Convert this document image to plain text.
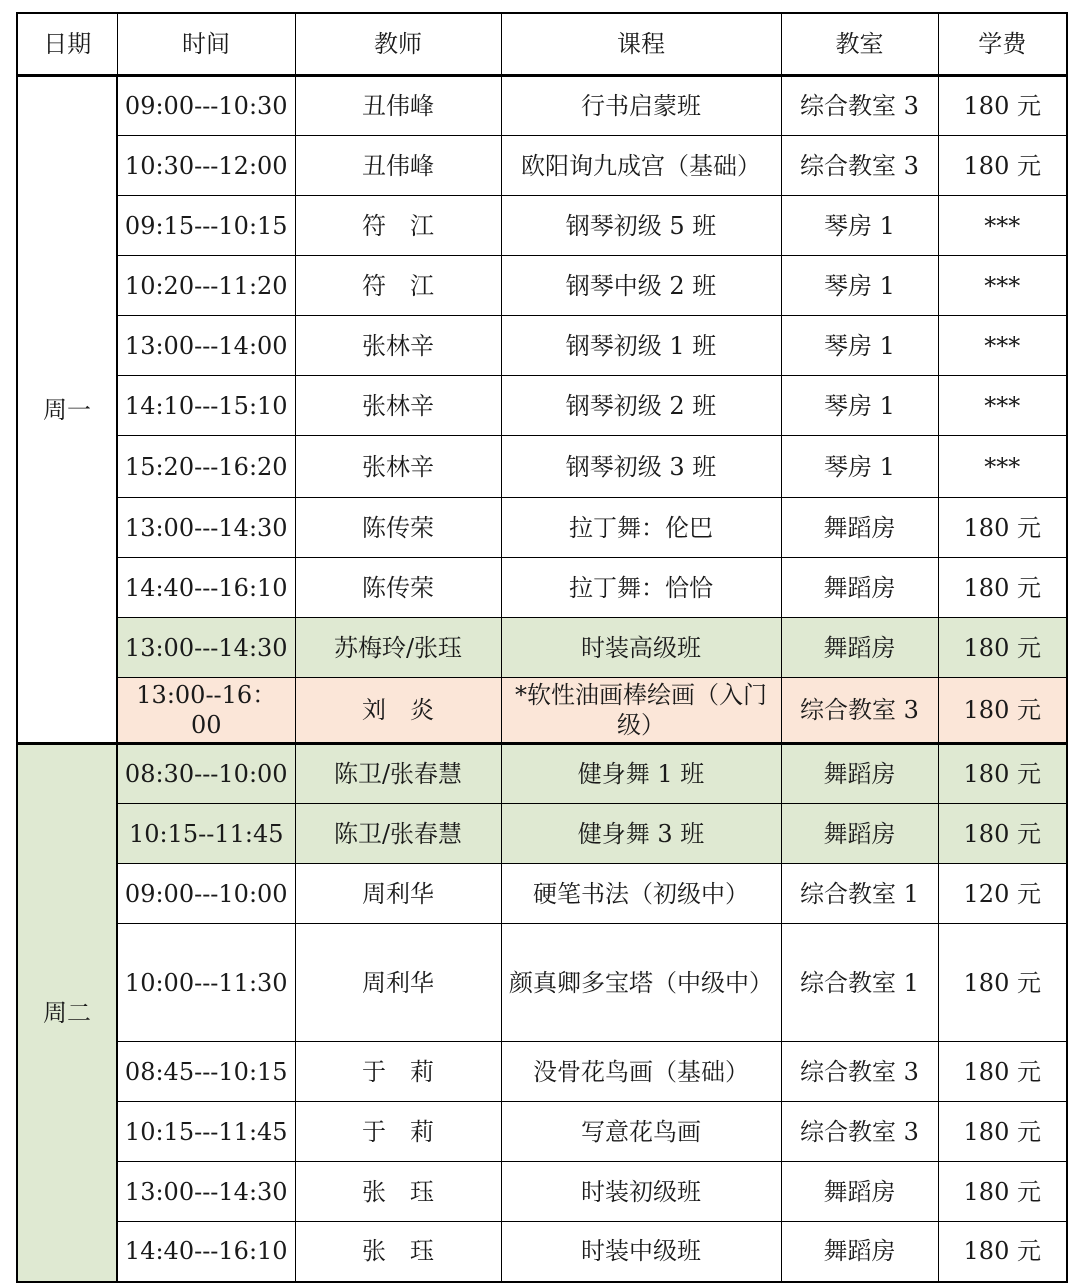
日期	时间	教师	课程	教室	学费
周一	09:00---10:30	丑伟峰	行书启蒙班	综合教室 3	180 元
	10:30---12:00	丑伟峰	欧阳询九成宫（基础）	综合教室 3	180 元
	09:15---10:15	符　江	钢琴初级 5 班	琴房 1	***
	10:20---11:20	符　江	钢琴中级 2 班	琴房 1	***
	13:00---14:00	张林辛	钢琴初级 1 班	琴房 1	***
	14:10---15:10	张林辛	钢琴初级 2 班	琴房 1	***
	15:20---16:20	张林辛	钢琴初级 3 班	琴房 1	***
	13:00---14:30	陈传荣	拉丁舞：伦巴	舞蹈房	180 元
	14:40---16:10	陈传荣	拉丁舞：恰恰	舞蹈房	180 元
	13:00---14:30	苏梅玲/张珏	时装高级班	舞蹈房	180 元
	13:00--16：00	刘　炎	*软性油画棒绘画（入门级）	综合教室 3	180 元
周二	08:30---10:00	陈卫/张春慧	健身舞 1 班	舞蹈房	180 元
	10:15--11:45	陈卫/张春慧	健身舞 3 班	舞蹈房	180 元
	09:00---10:00	周利华	硬笔书法（初级中）	综合教室 1	120 元
	10:00---11:30	周利华	颜真卿多宝塔（中级中）	综合教室 1	180 元
	08:45---10:15	于　莉	没骨花鸟画（基础）	综合教室 3	180 元
	10:15---11:45	于　莉	写意花鸟画	综合教室 3	180 元
	13:00---14:30	张　珏	时装初级班	舞蹈房	180 元
	14:40---16:10	张　珏	时装中级班	舞蹈房	180 元
